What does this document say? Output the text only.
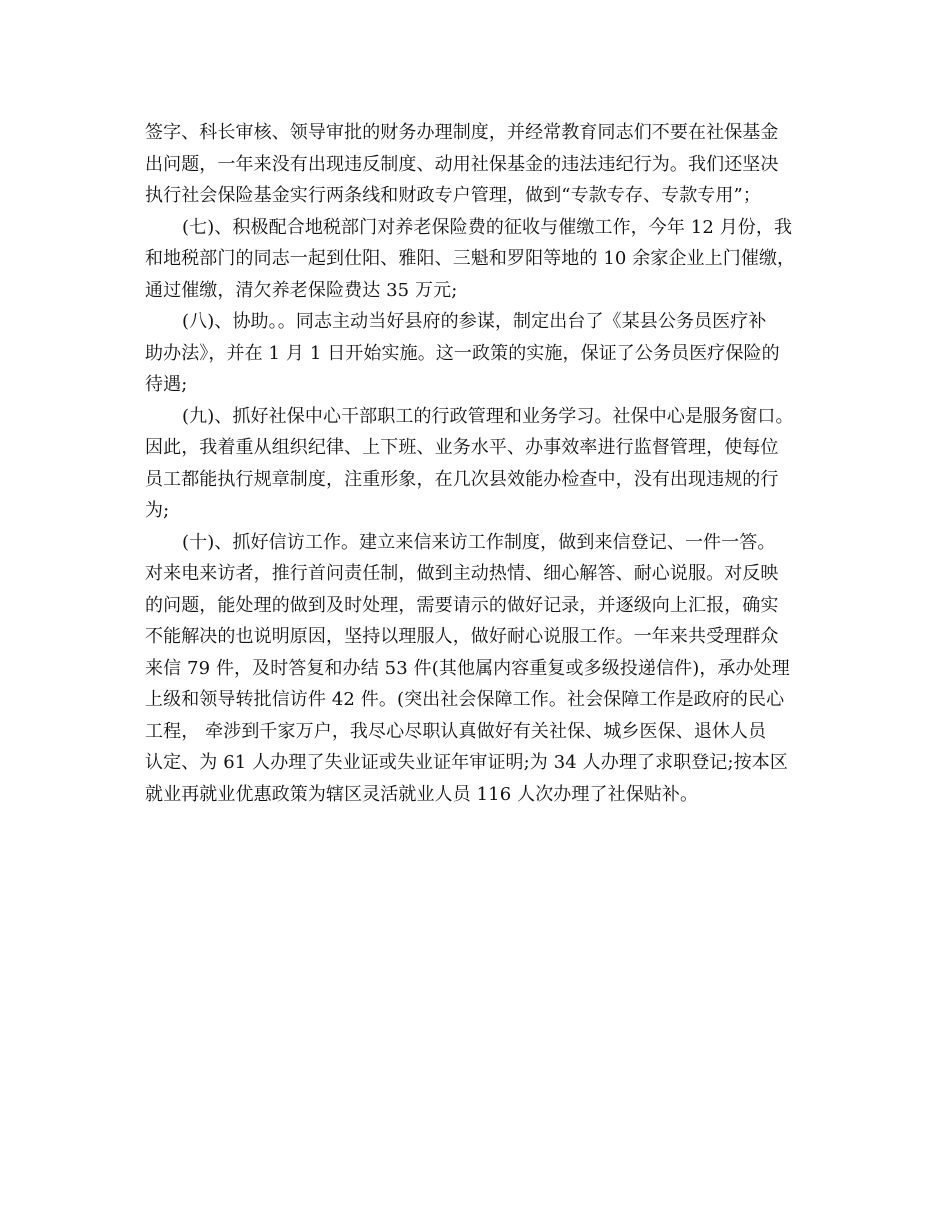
签字、科长审核、领导审批的财务办理制度，并经常教育同志们不要在社保基金
出问题，一年来没有出现违反制度、动用社保基金的违法违纪行为。我们还坚决
执行社会保险基金实行两条线和财政专户管理，做到“专款专存、专款专用”；
(七)、积极配合地税部门对养老保险费的征收与催缴工作，今年 12 月份，我
和地税部门的同志一起到仕阳、雅阳、三魁和罗阳等地的 10 余家企业上门催缴，
通过催缴，清欠养老保险费达 35 万元;
(八)、协助。。同志主动当好县府的参谋，制定出台了《某县公务员医疗补
助办法》，并在 1 月 1 日开始实施。这一政策的实施，保证了公务员医疗保险的
待遇;
(九)、抓好社保中心干部职工的行政管理和业务学习。社保中心是服务窗口。
因此，我着重从组织纪律、上下班、业务水平、办事效率进行监督管理，使每位
员工都能执行规章制度，注重形象，在几次县效能办检查中，没有出现违规的行
为;
(十)、抓好信访工作。建立来信来访工作制度，做到来信登记、一件一答。
对来电来访者，推行首问责任制，做到主动热情、细心解答、耐心说服。对反映
的问题，能处理的做到及时处理，需要请示的做好记录，并逐级向上汇报，确实
不能解决的也说明原因，坚持以理服人，做好耐心说服工作。一年来共受理群众
来信 79 件，及时答复和办结 53 件(其他属内容重复或多级投递信件)，承办处理
上级和领导转批信访件 42 件。(突出社会保障工作。社会保障工作是政府的民心
工程， 牵涉到千家万户，我尽心尽职认真做好有关社保、城乡医保、退休人员
认定、为 61 人办理了失业证或失业证年审证明;为 34 人办理了求职登记;按本区
就业再就业优惠政策为辖区灵活就业人员 116 人次办理了社保贴补。
